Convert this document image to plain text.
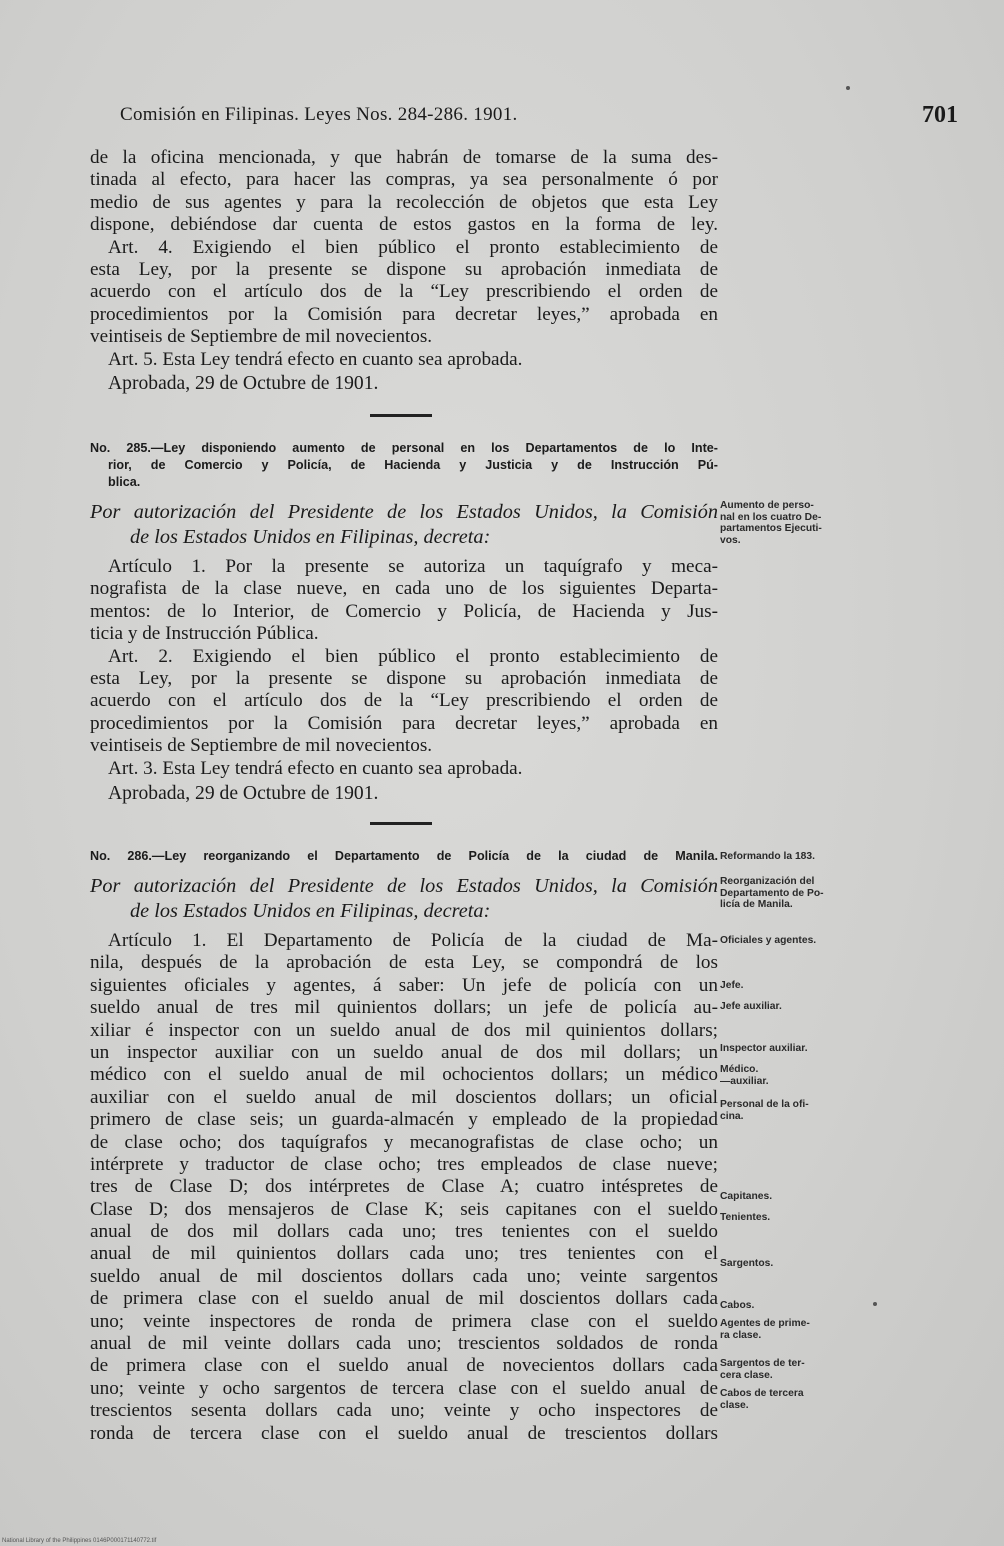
Comisión en Filipinas. Leyes Nos. 284-286. 1901.	701
de la oficina mencionada, y que habrán de tomarse de la suma des-
tinada al efecto, para hacer las compras, ya sea personalmente ó por
medio de sus agentes y para la recolección de objetos que esta Ley
dispone, debiéndose dar cuenta de estos gastos en la forma de ley.
Art. 4. Exigiendo el bien público el pronto establecimiento de
esta Ley, por la presente se dispone su aprobación inmediata de
acuerdo con el artículo dos de la “Ley prescribiendo el orden de
procedimientos por la Comisión para decretar leyes,” aprobada en
veintiseis de Septiembre de mil novecientos.
Art. 5. Esta Ley tendrá efecto en cuanto sea aprobada.
Aprobada, 29 de Octubre de 1901.
No. 285.—Ley disponiendo aumento de personal en los Departamentos de lo Inte-
rior, de Comercio y Policía, de Hacienda y Justicia y de Instrucción Pú-
blica.
Por autorización del Presidente de los Estados Unidos, la Comisión
de los Estados Unidos en Filipinas, decreta:
Aumento de perso-
nal en los cuatro De-
partamentos Ejecuti-
vos.
Artículo 1. Por la presente se autoriza un taquígrafo y meca-
nografista de la clase nueve, en cada uno de los siguientes Departa-
mentos: de lo Interior, de Comercio y Policía, de Hacienda y Jus-
ticia y de Instrucción Pública.
Art. 2. Exigiendo el bien público el pronto establecimiento de
esta Ley, por la presente se dispone su aprobación inmediata de
acuerdo con el artículo dos de la “Ley prescribiendo el orden de
procedimientos por la Comisión para decretar leyes,” aprobada en
veintiseis de Septiembre de mil novecientos.
Art. 3. Esta Ley tendrá efecto en cuanto sea aprobada.
Aprobada, 29 de Octubre de 1901.
No. 286.—Ley reorganizando el Departamento de Policía de la ciudad de Manila. Reformando la 183.
Por autorización del Presidente de los Estados Unidos, la Comisión
de los Estados Unidos en Filipinas, decreta:
Reorganización del
Departamento de Po-
licía de Manila.
Artículo 1. El Departamento de Policía de la ciudad de Ma-
nila, después de la aprobación de esta Ley, se compondrá de los
siguientes oficiales y agentes, á saber: Un jefe de policía con un
sueldo anual de tres mil quinientos dollars; un jefe de policía au-
xiliar é inspector con un sueldo anual de dos mil quinientos dollars;
un inspector auxiliar con un sueldo anual de dos mil dollars; un
médico con el sueldo anual de mil ochocientos dollars; un médico
auxiliar con el sueldo anual de mil doscientos dollars; un oficial
primero de clase seis; un guarda-almacén y empleado de la propiedad
de clase ocho; dos taquígrafos y mecanografistas de clase ocho; un
intérprete y traductor de clase ocho; tres empleados de clase nueve;
tres de Clase D; dos intérpretes de Clase A; cuatro intéspretes de
Clase D; dos mensajeros de Clase K; seis capitanes con el sueldo
anual de dos mil dollars cada uno; tres tenientes con el sueldo
anual de mil quinientos dollars cada uno; tres tenientes con el
sueldo anual de mil doscientos dollars cada uno; veinte sargentos
de primera clase con el sueldo anual de mil doscientos dollars cada
uno; veinte inspectores de ronda de primera clase con el sueldo
anual de mil veinte dollars cada uno; trescientos soldados de ronda
de primera clase con el sueldo anual de novecientos dollars cada
uno; veinte y ocho sargentos de tercera clase con el sueldo anual de
trescientos sesenta dollars cada uno; veinte y ocho inspectores de
ronda de tercera clase con el sueldo anual de trescientos dollars
Oficiales y agentes.
Jefe.
Jefe auxiliar.
Inspector auxiliar.
Médico.
—auxiliar.
Personal de la ofi-
cina.
Capitanes.
Tenientes.
Sargentos.
Cabos.
Agentes de prime-
ra clase.
Sargentos de ter-
cera clase.
Cabos de tercera
clase.
National Library of the Philippines 0146P000171140772.tif
